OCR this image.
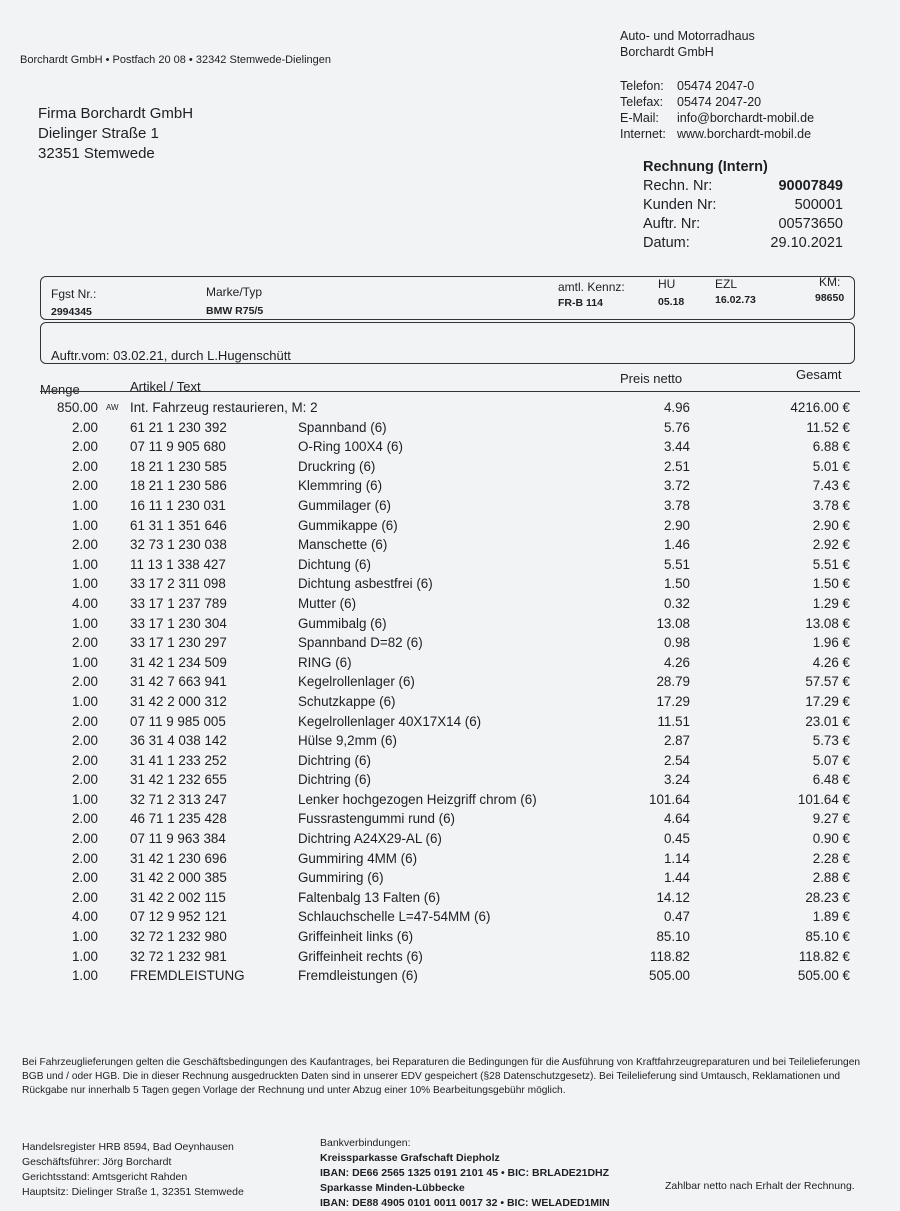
Borchardt GmbH • Postfach 20 08 • 32342 Stemwede-Dielingen
Firma Borchardt GmbH
Dielinger Straße 1
32351 Stemwede
Auto- und Motorradhaus
Borchardt GmbH
Telefon: 05474 2047-0
Telefax: 05474 2047-20
E-Mail: info@borchardt-mobil.de
Internet: www.borchardt-mobil.de
Rechnung (Intern)
Rechn. Nr:	90007849
Kunden Nr:	500001
Auftr. Nr:	00573650
Datum:	29.10.2021
Fgst Nr.:
2994345
Marke/Typ
BMW R75/5
amtl. Kennz:
FR-B 114
HU
05.18
EZL
16.02.73
KM:
98650
Auftr.vom: 03.02.21, durch L.Hugenschütt
Menge	Artikel / Text
Preis netto	Gesamt
850.00 Int. Fahrzeug restaurieren, M: 2	4.96	4216.00 €
AW
2.00 61 21 1 230 392	Spannband (6)	5.76	11.52 €
2.00 07 11 9 905 680	O-Ring 100X4 (6)	3.44	6.88 €
2.00 18 21 1 230 585	Druckring (6)	2.51	5.01 €
2.00 18 21 1 230 586	Klemmring (6)	3.72	7.43 €
1.00 16 11 1 230 031	Gummilager (6)	3.78	3.78 €
1.00 61 31 1 351 646	Gummikappe (6)	2.90	2.90 €
2.00 32 73 1 230 038	Manschette (6)	1.46	2.92 €
1.00 11 13 1 338 427	Dichtung (6)	5.51	5.51 €
1.00 33 17 2 311 098	Dichtung asbestfrei (6)	1.50	1.50 €
4.00 33 17 1 237 789	Mutter (6)	0.32	1.29 €
1.00 33 17 1 230 304	Gummibalg (6)	13.08	13.08 €
2.00 33 17 1 230 297	Spannband D=82 (6)	0.98	1.96 €
1.00 31 42 1 234 509	RING (6)	4.26	4.26 €
2.00 31 42 7 663 941	Kegelrollenlager (6)	28.79	57.57 €
1.00 31 42 2 000 312	Schutzkappe (6)	17.29	17.29 €
2.00 07 11 9 985 005	Kegelrollenlager 40X17X14 (6)	11.51	23.01 €
2.00 36 31 4 038 142	Hülse 9,2mm (6)	2.87	5.73 €
2.00 31 41 1 233 252	Dichtring (6)	2.54	5.07 €
2.00 31 42 1 232 655	Dichtring (6)	3.24	6.48 €
1.00 32 71 2 313 247	Lenker hochgezogen Heizgriff chrom (6)	101.64	101.64 €
2.00 46 71 1 235 428	Fussrastengummi rund (6)	4.64	9.27 €
2.00 07 11 9 963 384	Dichtring A24X29-AL (6)	0.45	0.90 €
2.00 31 42 1 230 696	Gummiring 4MM (6)	1.14	2.28 €
2.00 31 42 2 000 385	Gummiring (6)	1.44	2.88 €
2.00 31 42 2 002 115	Faltenbalg 13 Falten (6)	14.12	28.23 €
4.00 07 12 9 952 121	Schlauchschelle L=47-54MM (6)	0.47	1.89 €
1.00 32 72 1 232 980	Griffeinheit links (6)	85.10	85.10 €
1.00 32 72 1 232 981	Griffeinheit rechts (6)	118.82	118.82 €
1.00 FREMDLEISTUNG	Fremdleistungen (6)	505.00	505.00 €
Bei Fahrzeuglieferungen gelten die Geschäftsbedingungen des Kaufantrages, bei Reparaturen die Bedingungen für die Ausführung von Kraftfahrzeugreparaturen und bei Teilelieferungen BGB und / oder HGB. Die in dieser Rechnung ausgedruckten Daten sind in unserer EDV gespeichert (§28 Datenschutzgesetz). Bei Teilelieferung sind Umtausch, Reklamationen und Rückgabe nur innerhalb 5 Tagen gegen Vorlage der Rechnung und unter Abzug einer 10% Bearbeitungsgebühr möglich.
Handelsregister HRB 8594, Bad Oeynhausen
Geschäftsführer: Jörg Borchardt
Gerichtsstand: Amtsgericht Rahden
Hauptsitz: Dielinger Straße 1, 32351 Stemwede
Bankverbindungen:
Kreissparkasse Grafschaft Diepholz
IBAN: DE66 2565 1325 0191 2101 45 • BIC: BRLADE21DHZ
Sparkasse Minden-Lübbecke
IBAN: DE88 4905 0101 0011 0017 32 • BIC: WELADED1MIN
Zahlbar netto nach Erhalt der Rechnung.
